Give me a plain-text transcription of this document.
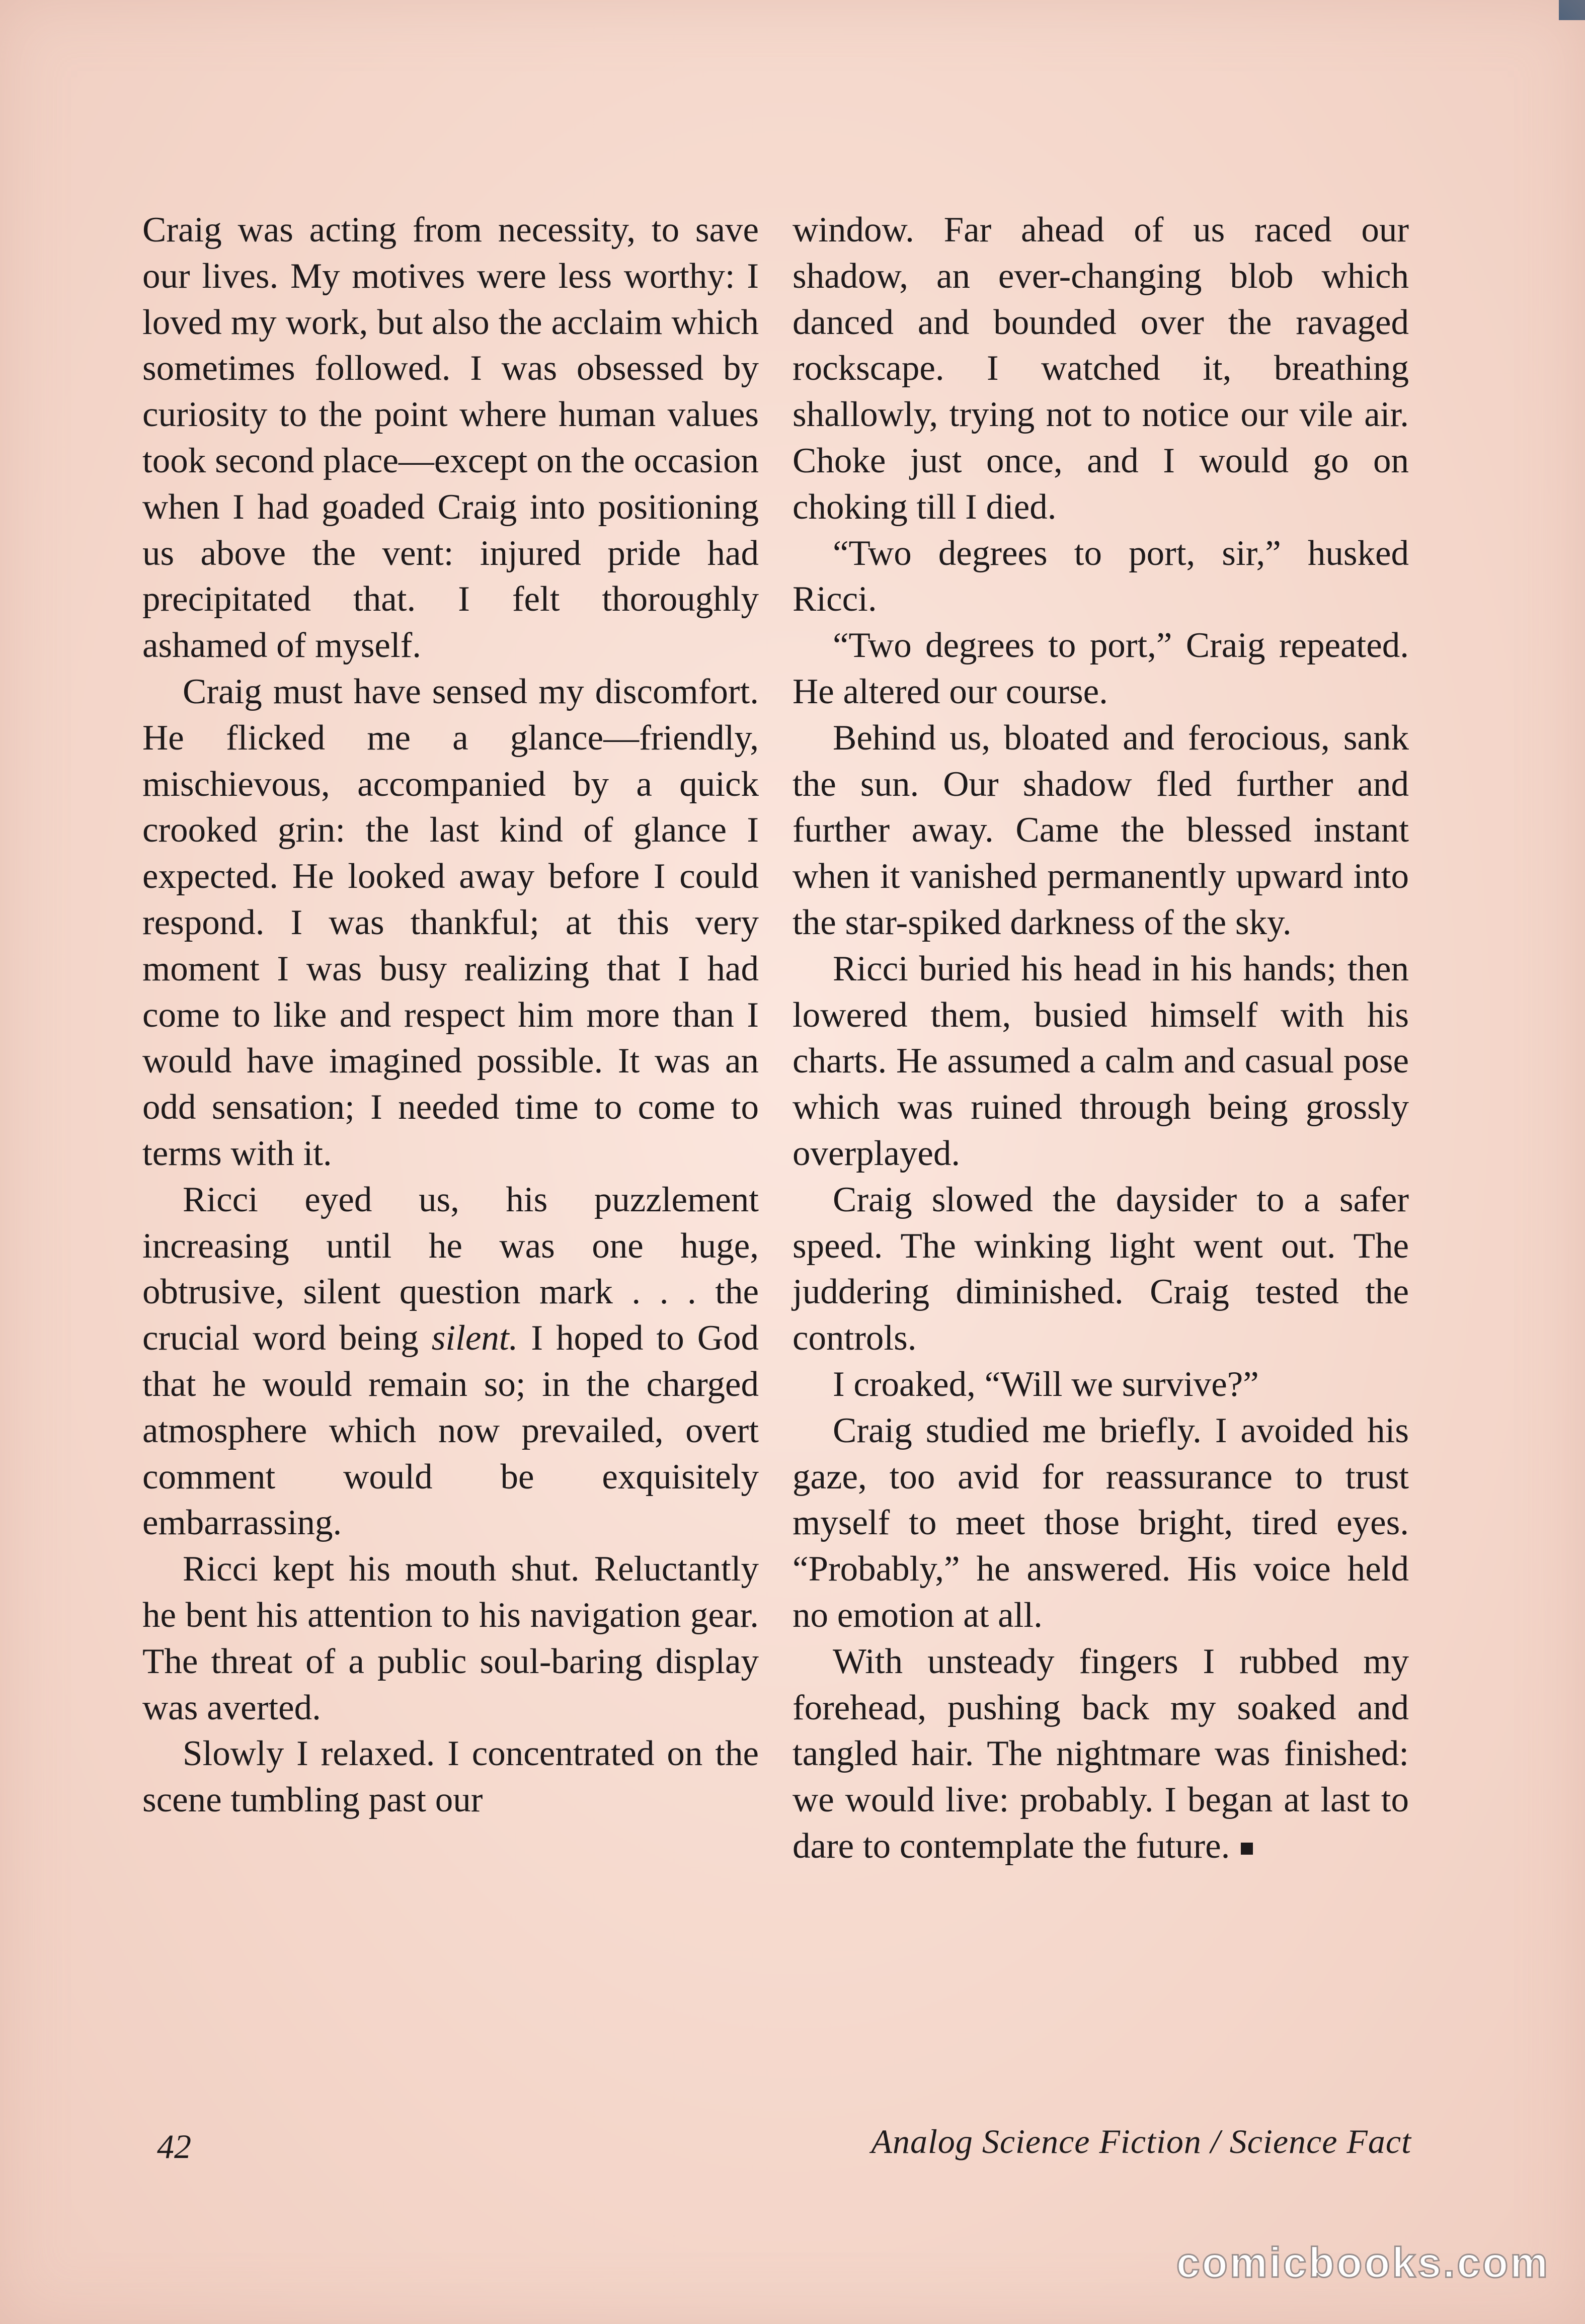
Craig was acting from necessity, to save our lives. My motives were less worthy: I loved my work, but also the acclaim which sometimes followed. I was obsessed by curiosity to the point where human values took second place—except on the occasion when I had goaded Craig into positioning us above the vent: injured pride had precipitated that. I felt thoroughly ashamed of myself.

Craig must have sensed my discomfort. He flicked me a glance—friendly, mischievous, accompanied by a quick crooked grin: the last kind of glance I expected. He looked away before I could respond. I was thankful; at this very moment I was busy realizing that I had come to like and respect him more than I would have imagined possible. It was an odd sensation; I needed time to come to terms with it.

Ricci eyed us, his puzzlement increasing until he was one huge, obtrusive, silent question mark . . . the crucial word being silent. I hoped to God that he would remain so; in the charged atmosphere which now prevailed, overt comment would be exquisitely embarrassing.

Ricci kept his mouth shut. Reluctantly he bent his attention to his navigation gear. The threat of a public soul-baring display was averted.

Slowly I relaxed. I concentrated on the scene tumbling past our

window. Far ahead of us raced our shadow, an ever-changing blob which danced and bounded over the ravaged rockscape. I watched it, breathing shallowly, trying not to notice our vile air. Choke just once, and I would go on choking till I died.

“Two degrees to port, sir,” husked Ricci.

“Two degrees to port,” Craig repeated. He altered our course.

Behind us, bloated and ferocious, sank the sun. Our shadow fled further and further away. Came the blessed instant when it vanished permanently upward into the star-spiked darkness of the sky.

Ricci buried his head in his hands; then lowered them, busied himself with his charts. He assumed a calm and casual pose which was ruined through being grossly overplayed.

Craig slowed the daysider to a safer speed. The winking light went out. The juddering diminished. Craig tested the controls.

I croaked, “Will we survive?”

Craig studied me briefly. I avoided his gaze, too avid for reassurance to trust myself to meet those bright, tired eyes. “Probably,” he answered. His voice held no emotion at all.

With unsteady fingers I rubbed my forehead, pushing back my soaked and tangled hair. The nightmare was finished: we would live: probably. I began at last to dare to contemplate the future.

42	Analog Science Fiction / Science Fact
comicbooks.com
